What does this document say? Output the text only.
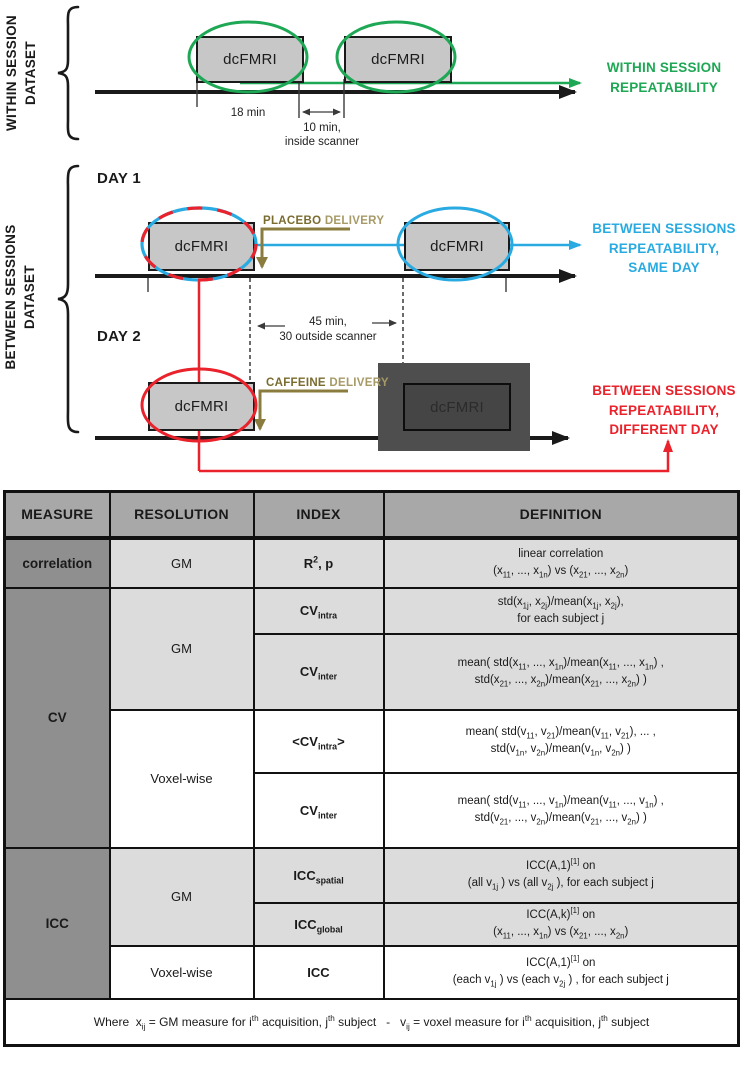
dcFMRI
dcFMRI	dcFMRI
dcFMRI	dcFMRI
dcFMRI
WITHIN SESSION DATASET
BETWEEN SESSIONS DATASET
18 min
10 min,
inside scanner
WITHIN SESSION
REPEATABILITY
DAY 1
DAY 2
PLACEBO DELIVERY
CAFFEINE DELIVERY
45 min,
30 outside scanner
BETWEEN SESSIONS
REPEATABILITY,
SAME DAY
BETWEEN SESSIONS
REPEATABILITY,
DIFFERENT DAY
MEASURE	RESOLUTION	INDEX	DEFINITION
correlation	GM	$R^2$, p	linear correlation
($x_{11}$, ..., $x_{1n}$) vs ($x_{21}$, ..., $x_{2n}$)
CV	GM	$CV_{intra}$	$std(x_{1j}$, $x_{2j})/mean(x_{1j}$, $x_{2j}$),
for each subject j
		$CV_{inter}$	mean( $std(x_{11}$, ..., $x_{1n})/mean(x_{11}$, ..., $x_{1n}$) ,
$std(x_{21}$, ..., $x_{2n})/mean(x_{21}$, ..., $x_{2n}$) )
	Voxel-wise	$<CV_{intra}>$	mean( $std(v_{11}$, $v_{21})/mean(v_{11}$, $v_{21}$), ... ,
$std(v_{1n}$, $v_{2n})/mean(v_{1n}$, $v_{2n}$) )
		$CV_{inter}$	mean( $std(v_{11}$, ..., $v_{1n})/mean(v_{11}$, ..., $v_{1n}$) ,
$std(v_{21}$, ..., $v_{2n})/mean(v_{21}$, ..., $v_{2n}$) )
ICC	GM	$ICC_{spatial}$	ICC(A,1)[1] on
(all $v_{1j}$ ) vs (all $v_{2j}$ ), for each subject j
		$ICC_{global}$	ICC(A,k)[1] on
($x_{11}$, ..., $x_{1n}$) vs ($x_{21}$, ..., $x_{2n}$)
	Voxel-wise	ICC	ICC(A,1)[1] on
(each $v_{1j}$ ) vs (each $v_{2j}$ ) , for each subject j
Where  $x_{ij}$ = GM measure for $i^{th}$ acquisition, $j^{th}$ subject   -   $v_{ij}$ = voxel measure for $i^{th}$ acquisition, $j^{th}$ subject			
